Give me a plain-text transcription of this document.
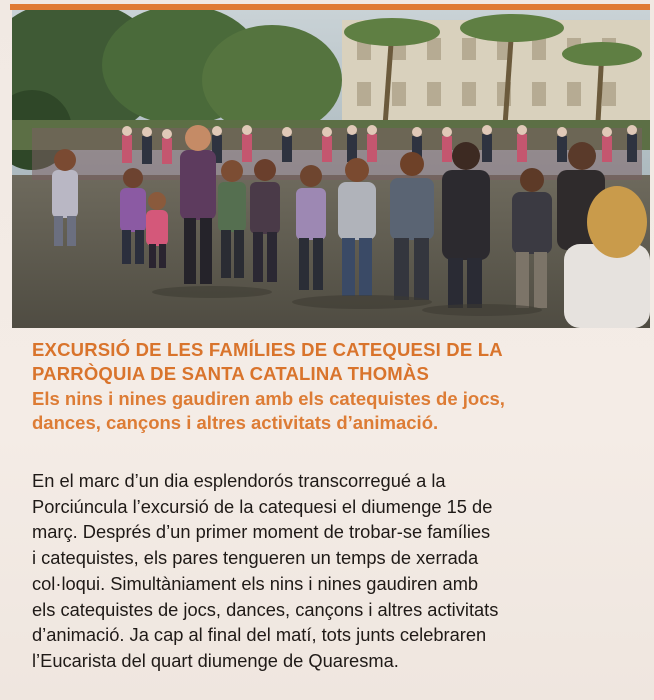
EXCURSIÓ DE LES FAMÍLIES DE CATEQUESI DE LA
PARRÒQUIA DE SANTA CATALINA THOMÀS
Els nins i nines gaudiren amb els catequistes de jocs,
dances, cançons i altres activitats d’animació.

En el marc d’un dia esplendorós transcorregué a la
Porciúncula l’excursió de la catequesi el diumenge 15 de
març. Després d’un primer moment de trobar-se famílies
i catequistes, els pares tengueren un temps de xerrada
col·loqui. Simultàniament els nins i nines gaudiren amb
els catequistes de jocs, dances, cançons i altres activitats
d’animació. Ja cap al final del matí, tots junts celebraren
l’Eucarista del quart diumenge de Quaresma.
